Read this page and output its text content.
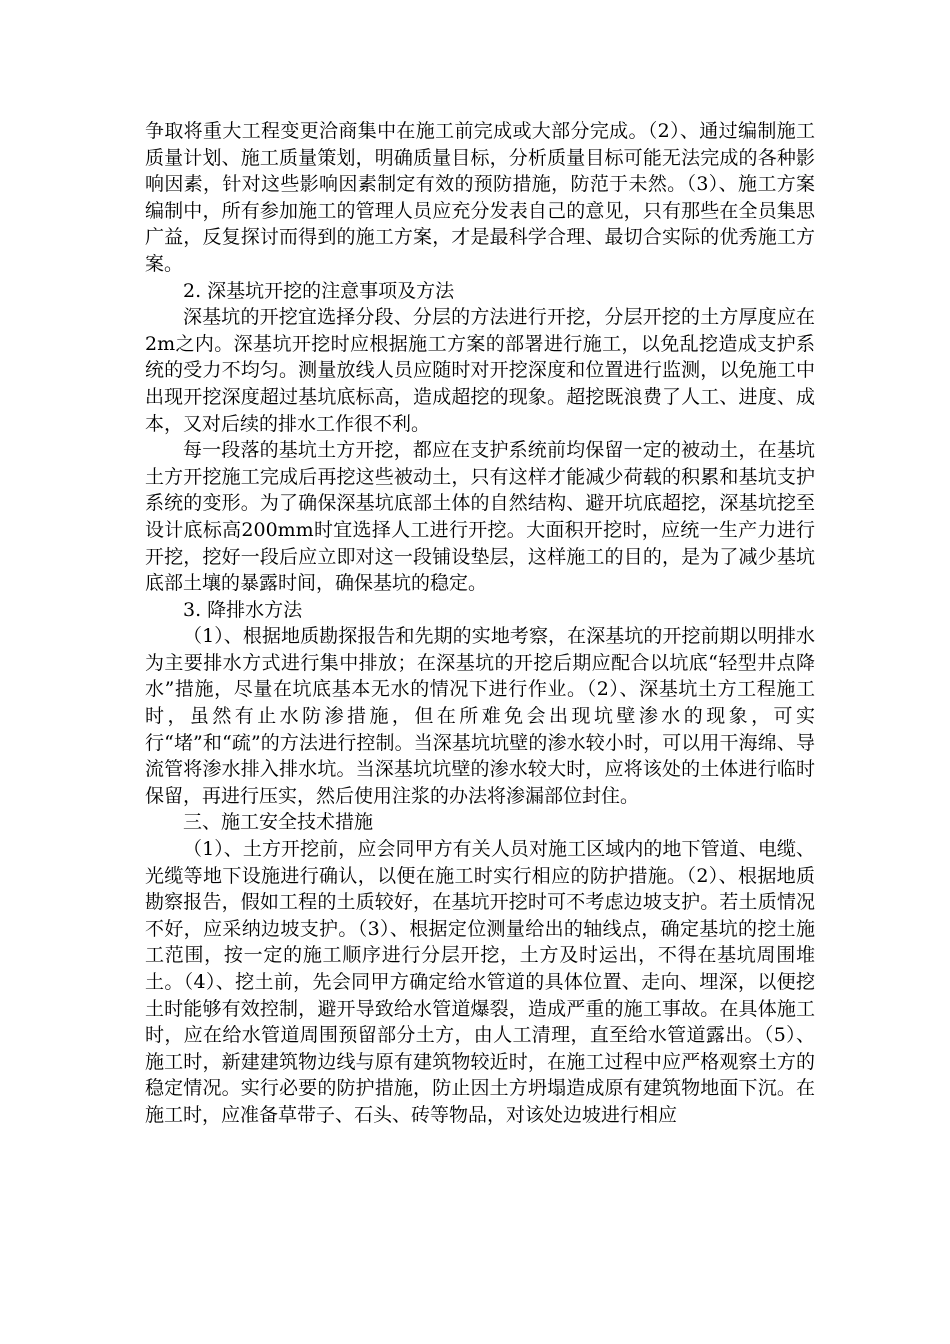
争取将重大工程变更洽商集中在施工前完成或大部分完成。（2）、通过编制施工质量计划、施工质量策划，明确质量目标，分析质量目标可能无法完成的各种影响因素，针对这些影响因素制定有效的预防措施，防范于未然。（3）、施工方案编制中，所有参加施工的管理人员应充分发表自己的意见，只有那些在全员集思广益，反复探讨而得到的施工方案，才是最科学合理、最切合实际的优秀施工方案。

2. 深基坑开挖的注意事项及方法

深基坑的开挖宜选择分段、分层的方法进行开挖，分层开挖的土方厚度应在2m之内。深基坑开挖时应根据施工方案的部署进行施工，以免乱挖造成支护系统的受力不均匀。测量放线人员应随时对开挖深度和位置进行监测，以免施工中出现开挖深度超过基坑底标高，造成超挖的现象。超挖既浪费了人工、进度、成本，又对后续的排水工作很不利。

每一段落的基坑土方开挖，都应在支护系统前均保留一定的被动土，在基坑土方开挖施工完成后再挖这些被动土，只有这样才能减少荷载的积累和基坑支护系统的变形。为了确保深基坑底部土体的自然结构、避开坑底超挖，深基坑挖至设计底标高200mm时宜选择人工进行开挖。大面积开挖时，应统一生产力进行开挖，挖好一段后应立即对这一段铺设垫层，这样施工的目的，是为了减少基坑底部土壤的暴露时间，确保基坑的稳定。

3. 降排水方法

（1）、根据地质勘探报告和先期的实地考察，在深基坑的开挖前期以明排水为主要排水方式进行集中排放；在深基坑的开挖后期应配合以坑底“轻型井点降水”措施，尽量在坑底基本无水的情况下进行作业。（2）、深基坑土方工程施工时，虽然有止水防渗措施，但在所难免会出现坑壁渗水的现象，可实行“堵”和“疏”的方法进行控制。当深基坑坑壁的渗水较小时，可以用干海绵、导流管将渗水排入排水坑。当深基坑坑壁的渗水较大时，应将该处的土体进行临时保留，再进行压实，然后使用注浆的办法将渗漏部位封住。

三、施工安全技术措施

（1）、土方开挖前，应会同甲方有关人员对施工区域内的地下管道、电缆、光缆等地下设施进行确认，以便在施工时实行相应的防护措施。（2）、根据地质勘察报告，假如工程的土质较好，在基坑开挖时可不考虑边坡支护。若土质情况不好，应采纳边坡支护。（3）、根据定位测量给出的轴线点，确定基坑的挖土施工范围，按一定的施工顺序进行分层开挖，土方及时运出，不得在基坑周围堆土。（4）、挖土前，先会同甲方确定给水管道的具体位置、走向、埋深，以便挖土时能够有效控制，避开导致给水管道爆裂，造成严重的施工事故。在具体施工时，应在给水管道周围预留部分土方，由人工清理，直至给水管道露出。（5）、施工时，新建建筑物边线与原有建筑物较近时，在施工过程中应严格观察土方的稳定情况。实行必要的防护措施，防止因土方坍塌造成原有建筑物地面下沉。在施工时，应准备草带子、石头、砖等物品，对该处边坡进行相应
